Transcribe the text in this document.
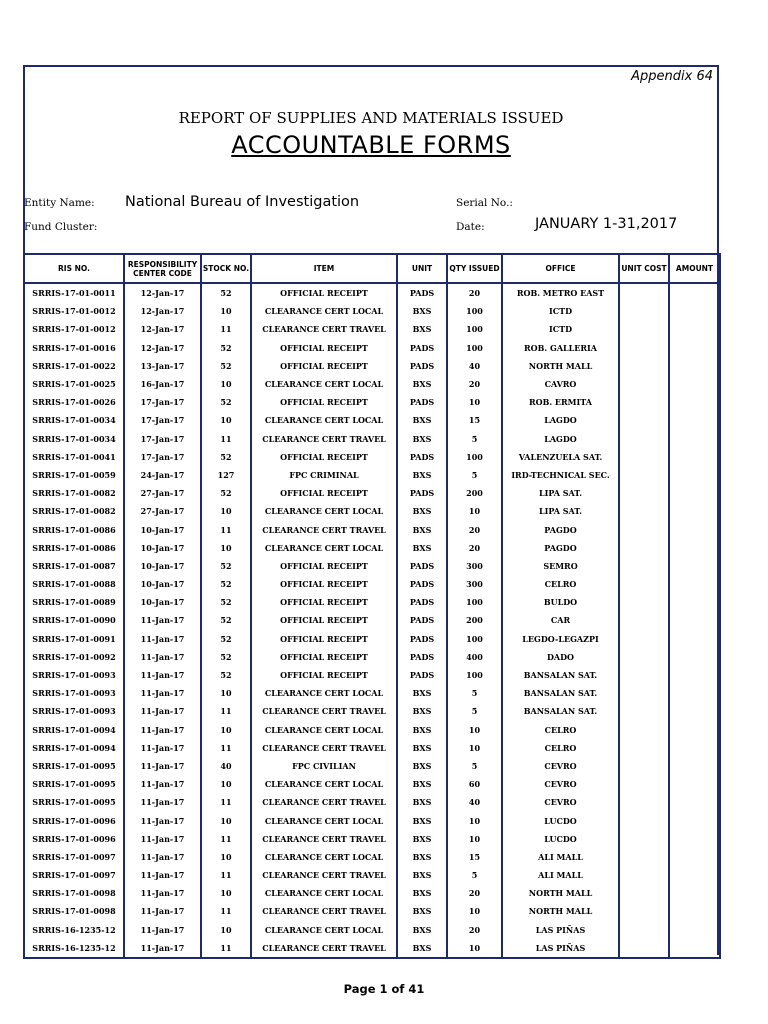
Appendix 64
REPORT OF SUPPLIES AND MATERIALS ISSUED
ACCOUNTABLE FORMS
Entity Name: National Bureau of Investigation
Fund Cluster:
Serial No.:
Date:	JANUARY 1-31,2017
RIS NO.	RESPONSIBILITY CENTER CODE	STOCK NO.	ITEM	UNIT	QTY ISSUED	OFFICE	UNIT COST	AMOUNT
SRRIS-17-01-0011	12-Jan-17	52	OFFICIAL RECEIPT	PADS	20	ROB. METRO EAST		
SRRIS-17-01-0012	12-Jan-17	10	CLEARANCE CERT LOCAL	BXS	100	ICTD		
SRRIS-17-01-0012	12-Jan-17	11	CLEARANCE CERT TRAVEL	BXS	100	ICTD		
SRRIS-17-01-0016	12-Jan-17	52	OFFICIAL RECEIPT	PADS	100	ROB. GALLERIA		
SRRIS-17-01-0022	13-Jan-17	52	OFFICIAL RECEIPT	PADS	40	NORTH MALL		
SRRIS-17-01-0025	16-Jan-17	10	CLEARANCE CERT LOCAL	BXS	20	CAVRO		
SRRIS-17-01-0026	17-Jan-17	52	OFFICIAL RECEIPT	PADS	10	ROB. ERMITA		
SRRIS-17-01-0034	17-Jan-17	10	CLEARANCE CERT LOCAL	BXS	15	LAGDO		
SRRIS-17-01-0034	17-Jan-17	11	CLEARANCE CERT TRAVEL	BXS	5	LAGDO		
SRRIS-17-01-0041	17-Jan-17	52	OFFICIAL RECEIPT	PADS	100	VALENZUELA SAT.		
SRRIS-17-01-0059	24-Jan-17	127	FPC CRIMINAL	BXS	5	IRD-TECHNICAL SEC.		
SRRIS-17-01-0082	27-Jan-17	52	OFFICIAL RECEIPT	PADS	200	LIPA SAT.		
SRRIS-17-01-0082	27-Jan-17	10	CLEARANCE CERT LOCAL	BXS	10	LIPA SAT.		
SRRIS-17-01-0086	10-Jan-17	11	CLEARANCE CERT TRAVEL	BXS	20	PAGDO		
SRRIS-17-01-0086	10-Jan-17	10	CLEARANCE CERT LOCAL	BXS	20	PAGDO		
SRRIS-17-01-0087	10-Jan-17	52	OFFICIAL RECEIPT	PADS	300	SEMRO		
SRRIS-17-01-0088	10-Jan-17	52	OFFICIAL RECEIPT	PADS	300	CELRO		
SRRIS-17-01-0089	10-Jan-17	52	OFFICIAL RECEIPT	PADS	100	BULDO		
SRRIS-17-01-0090	11-Jan-17	52	OFFICIAL RECEIPT	PADS	200	CAR		
SRRIS-17-01-0091	11-Jan-17	52	OFFICIAL RECEIPT	PADS	100	LEGDO-LEGAZPI		
SRRIS-17-01-0092	11-Jan-17	52	OFFICIAL RECEIPT	PADS	400	DADO		
SRRIS-17-01-0093	11-Jan-17	52	OFFICIAL RECEIPT	PADS	100	BANSALAN SAT.		
SRRIS-17-01-0093	11-Jan-17	10	CLEARANCE CERT LOCAL	BXS	5	BANSALAN SAT.		
SRRIS-17-01-0093	11-Jan-17	11	CLEARANCE CERT TRAVEL	BXS	5	BANSALAN SAT.		
SRRIS-17-01-0094	11-Jan-17	10	CLEARANCE CERT LOCAL	BXS	10	CELRO		
SRRIS-17-01-0094	11-Jan-17	11	CLEARANCE CERT TRAVEL	BXS	10	CELRO		
SRRIS-17-01-0095	11-Jan-17	40	FPC CIVILIAN	BXS	5	CEVRO		
SRRIS-17-01-0095	11-Jan-17	10	CLEARANCE CERT LOCAL	BXS	60	CEVRO		
SRRIS-17-01-0095	11-Jan-17	11	CLEARANCE CERT TRAVEL	BXS	40	CEVRO		
SRRIS-17-01-0096	11-Jan-17	10	CLEARANCE CERT LOCAL	BXS	10	LUCDO		
SRRIS-17-01-0096	11-Jan-17	11	CLEARANCE CERT TRAVEL	BXS	10	LUCDO		
SRRIS-17-01-0097	11-Jan-17	10	CLEARANCE CERT LOCAL	BXS	15	ALI MALL		
SRRIS-17-01-0097	11-Jan-17	11	CLEARANCE CERT TRAVEL	BXS	5	ALI MALL		
SRRIS-17-01-0098	11-Jan-17	10	CLEARANCE CERT LOCAL	BXS	20	NORTH MALL		
SRRIS-17-01-0098	11-Jan-17	11	CLEARANCE CERT TRAVEL	BXS	10	NORTH MALL		
SRRIS-16-1235-12	11-Jan-17	10	CLEARANCE CERT LOCAL	BXS	20	LAS PIÑAS		
SRRIS-16-1235-12	11-Jan-17	11	CLEARANCE CERT TRAVEL	BXS	10	LAS PIÑAS		
Page 1 of 41
